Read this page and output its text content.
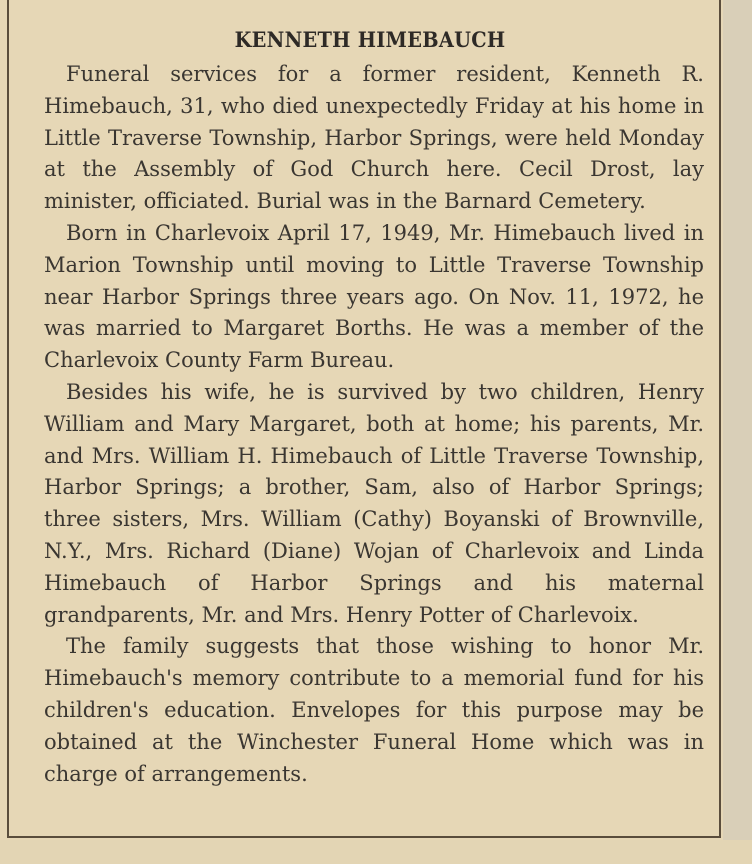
KENNETH HIMEBAUCH

Funeral services for a former resident, Kenneth R. Himebauch, 31, who died unexpectedly Friday at his home in Little Traverse Township, Harbor Springs, were held Monday at the Assembly of God Church here. Cecil Drost, lay minister, officiated. Burial was in the Barnard Cemetery.

Born in Charlevoix April 17, 1949, Mr. Himebauch lived in Marion Township until moving to Little Traverse Township near Harbor Springs three years ago. On Nov. 11, 1972, he was married to Margaret Borths. He was a member of the Charlevoix County Farm Bureau.

Besides his wife, he is survived by two children, Henry William and Mary Margaret, both at home; his parents, Mr. and Mrs. William H. Himebauch of Little Traverse Township, Harbor Springs; a brother, Sam, also of Harbor Springs; three sisters, Mrs. William (Cathy) Boyanski of Brownville, N.Y., Mrs. Richard (Diane) Wojan of Charlevoix and Linda Himebauch of Harbor Springs and his maternal grandparents, Mr. and Mrs. Henry Potter of Charlevoix.

The family suggests that those wishing to honor Mr. Himebauch's memory contribute to a memorial fund for his children's education. Envelopes for this purpose may be obtained at the Winchester Funeral Home which was in charge of arrangements.
